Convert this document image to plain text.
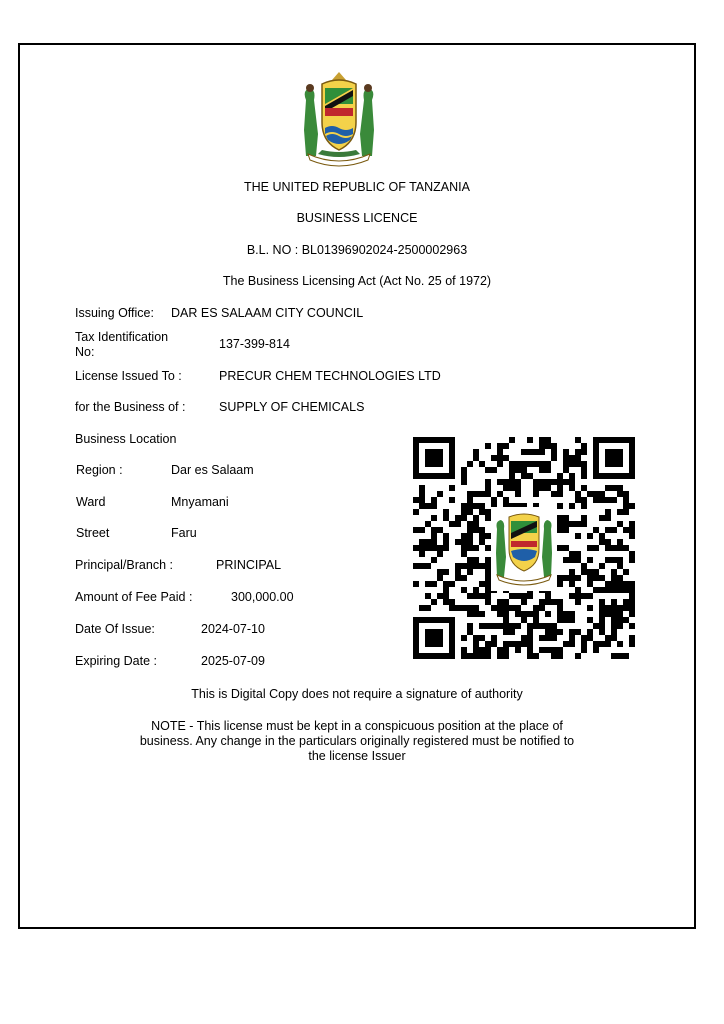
THE UNITED REPUBLIC OF TANZANIA
BUSINESS LICENCE
B.L. NO : BL01396902024-2500002963
The Business Licensing Act (Act No. 25 of 1972)
Issuing Office: DAR ES SALAAM CITY COUNCIL
Tax Identification No:
137-399-814
License Issued To :	PRECUR CHEM TECHNOLOGIES LTD
for the Business of :	SUPPLY OF CHEMICALS
Business Location
Region :	Dar es Salaam
Ward	Mnyamani
Street	Faru
Principal/Branch :	PRINCIPAL
Amount of Fee Paid :	300,000.00
Date Of Issue:	2024-07-10
Expiring Date :	2025-07-09
This is Digital Copy does not require a signature of authority
NOTE - This license must be kept in a conspicuous position at the place of business. Any change in the particulars originally registered must be notified to the license Issuer
